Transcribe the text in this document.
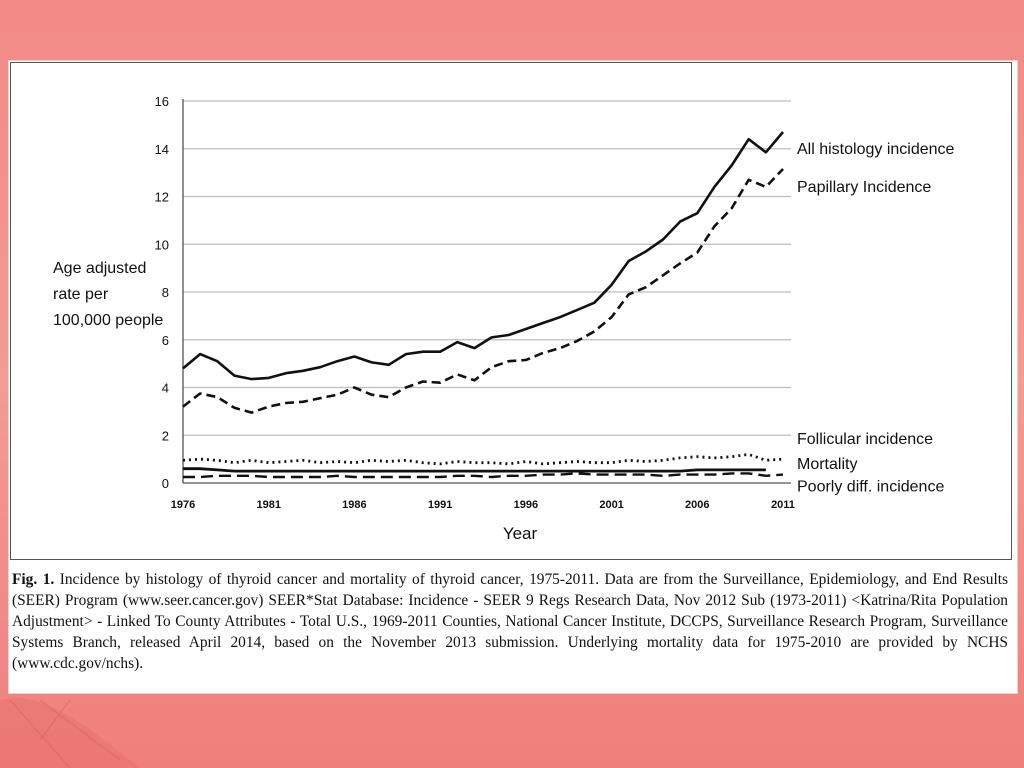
0
2
4
6
8
10
12
14
16
1976	1981	1986	1991	1996	2001	2006	2011
All histology incidence
Papillary Incidence
Follicular incidence
Mortality
Poorly diff. incidence
Age adjusted
rate per
100,000 people
Year
Fig. 1. Incidence by histology of thyroid cancer and mortality of thyroid cancer, 1975-2011. Data are from the Surveillance, Epidemiology, and End Results (SEER) Program (www.seer.cancer.gov) SEER*Stat Database: Incidence - SEER 9 Regs Research Data, Nov 2012 Sub (1973-2011) <Katrina/Rita Population Adjustment> - Linked To County Attributes - Total U.S., 1969-2011 Counties, National Cancer Institute, DCCPS, Surveillance Research Program, Surveillance Systems Branch, released April 2014, based on the November 2013 submission. Underlying mortality data for 1975-2010 are provided by NCHS (www.cdc.gov/nchs).
